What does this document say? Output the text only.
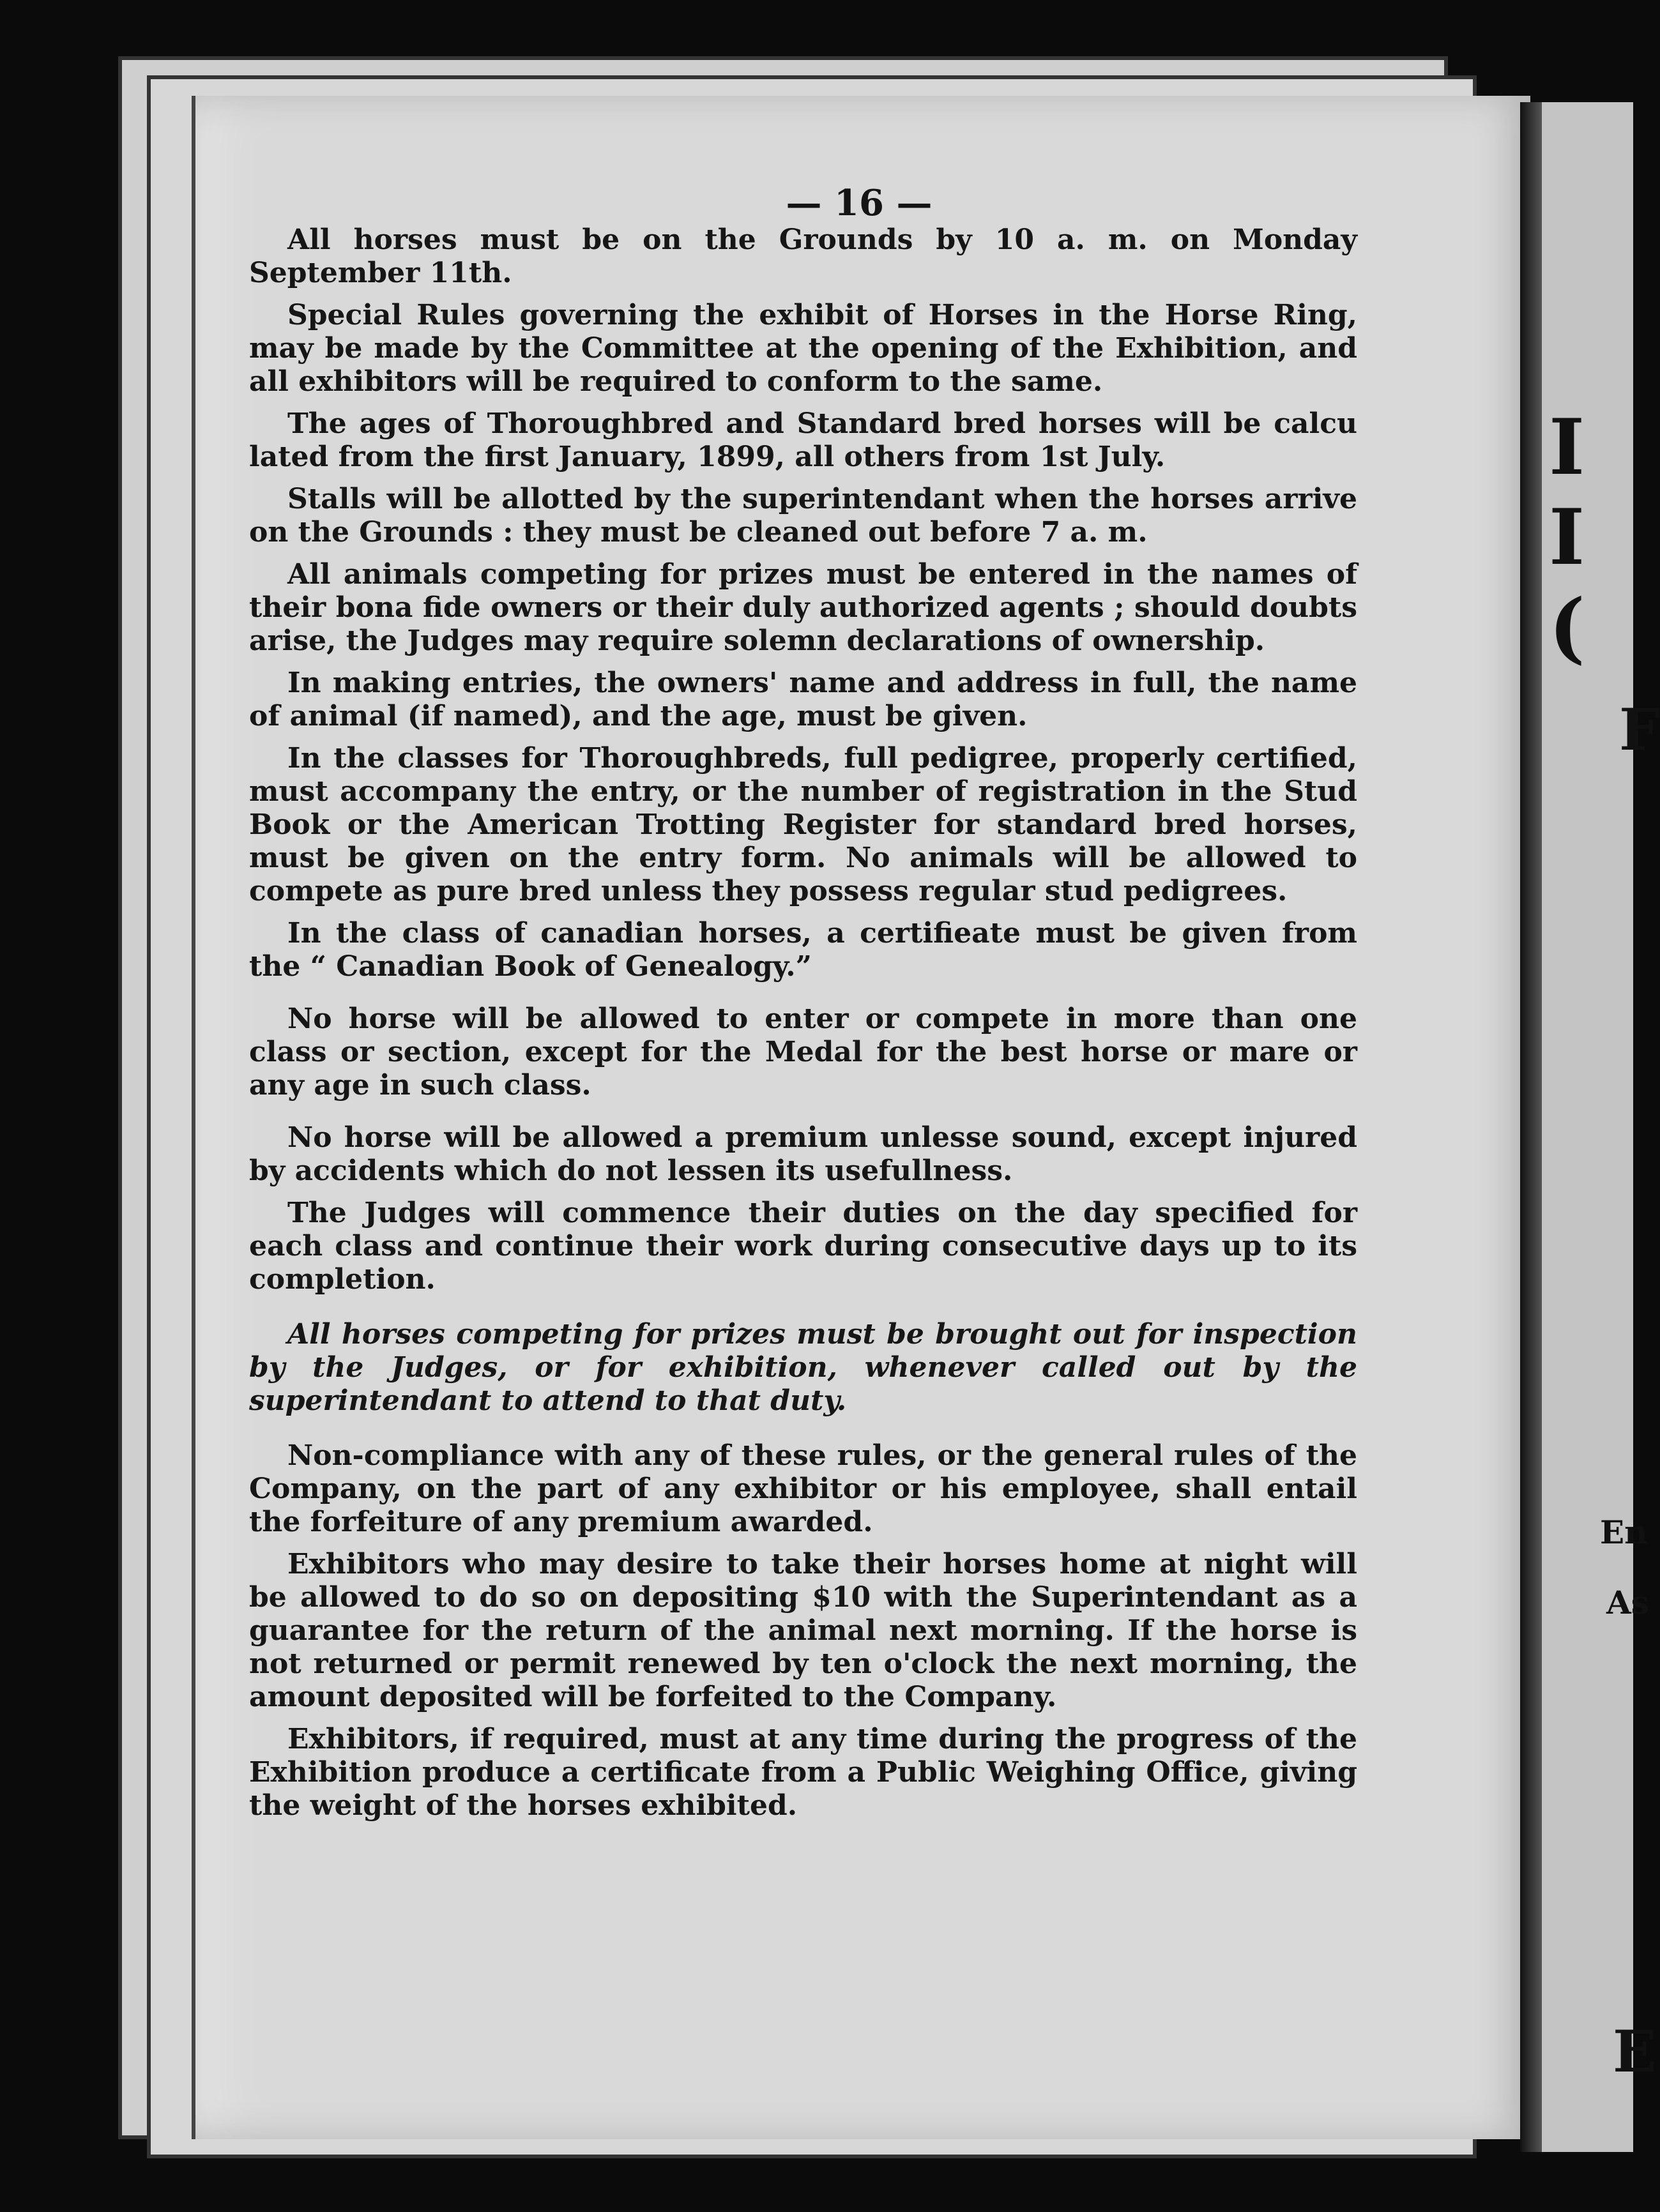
I I (
F
En
As
E
— 16 —

All horses must be on the Grounds by 10 a. m. on Monday September 11th.

Special Rules governing the exhibit of Horses in the Horse Ring, may be made by the Committee at the opening of the Exhibition, and all exhibitors will be required to conform to the same.

The ages of Thoroughbred and Standard bred horses will be calcu lated from the first January, 1899, all others from 1st July.

Stalls will be allotted by the superintendant when the horses arrive on the Grounds : they must be cleaned out before 7 a. m.

All animals competing for prizes must be entered in the names of their bona fide owners or their duly authorized agents ; should doubts arise, the Judges may require solemn declarations of ownership.

In making entries, the owners' name and address in full, the name of animal (if named), and the age, must be given.

In the classes for Thoroughbreds, full pedigree, properly certified, must accompany the entry, or the number of registration in the Stud Book or the American Trotting Register for standard bred horses, must be given on the entry form. No animals will be allowed to compete as pure bred unless they possess regular stud pedigrees.

In the class of canadian horses, a certifieate must be given from the “ Canadian Book of Genealogy.”

No horse will be allowed to enter or compete in more than one class or section, except for the Medal for the best horse or mare or any age in such class.

No horse will be allowed a premium unlesse sound, except injured by accidents which do not lessen its usefullness.

The Judges will commence their duties on the day specified for each class and continue their work during consecutive days up to its completion.

All horses competing for prizes must be brought out for inspection by the Judges, or for exhibition, whenever called out by the superintendant to attend to that duty.

Non-compliance with any of these rules, or the general rules of the Company, on the part of any exhibitor or his employee, shall entail the forfeiture of any premium awarded.

Exhibitors who may desire to take their horses home at night will be allowed to do so on depositing $10 with the Superintendant as a guarantee for the return of the animal next morning. If the horse is not returned or permit renewed by ten o'clock the next morning, the amount deposited will be forfeited to the Company.

Exhibitors, if required, must at any time during the progress of the Exhibition produce a certificate from a Public Weighing Office, giving the weight of the horses exhibited.
